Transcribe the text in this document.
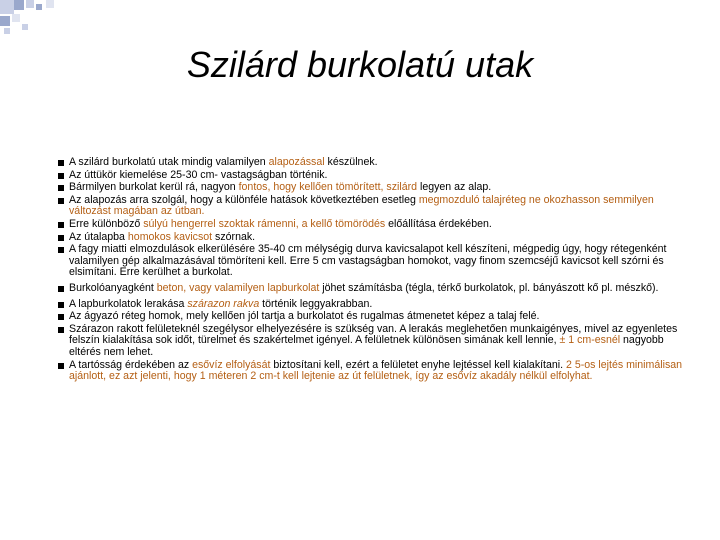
Szilárd burkolatú utak
A szilárd burkolatú utak mindig valamilyen alapozással készülnek.
Az úttükör kiemelése 25-30 cm- vastagságban történik.
Bármilyen burkolat kerül rá, nagyon fontos, hogy kellően tömörített, szilárd legyen az alap.
Az alapozás arra szolgál, hogy a különféle hatások következtében esetleg megmozduló talajréteg ne okozhasson semmilyen változást magában az útban.
Erre különböző súlyú hengerrel szoktak rámenni, a kellő tömörödés előállítása érdekében.
Az útalapba homokos kavicsot szórnak.
A fagy miatti elmozdulások elkerülésére 35-40 cm mélységig durva kavicsalapot kell készíteni, mégpedig úgy, hogy rétegenként valamilyen gép alkalmazásával tömöríteni kell. Erre 5 cm vastagságban homokot, vagy finom szemcséjű kavicsot kell szórni és elsimítani. Erre kerülhet a burkolat.
Burkolóanyagként beton, vagy valamilyen lapburkolat jöhet számításba (tégla, térkő burkolatok, pl. bányászott kő pl. mészkő).
A lapburkolatok lerakása szárazon rakva történik leggyakrabban.
Az ágyazó réteg homok, mely kellően jól tartja a burkolatot és rugalmas átmenetet képez a talaj felé.
Szárazon rakott felületeknél szegélysor elhelyezésére is szükség van. A lerakás meglehetően munkaigényes, mivel az egyenletes felszín kialakítása sok időt, türelmet és szakértelmet igényel. A felületnek különösen simának kell lennie, ± 1 cm-esnél nagyobb eltérés nem lehet.
A tartósság érdekében az esővíz elfolyását biztosítani kell, ezért a felületet enyhe lejtéssel kell kialakítani. 2 5-os lejtés minimálisan ajánlott, ez azt jelenti, hogy 1 méteren 2 cm-t kell lejtenie az út felületnek, így az esővíz akadály nélkül elfolyhat.
